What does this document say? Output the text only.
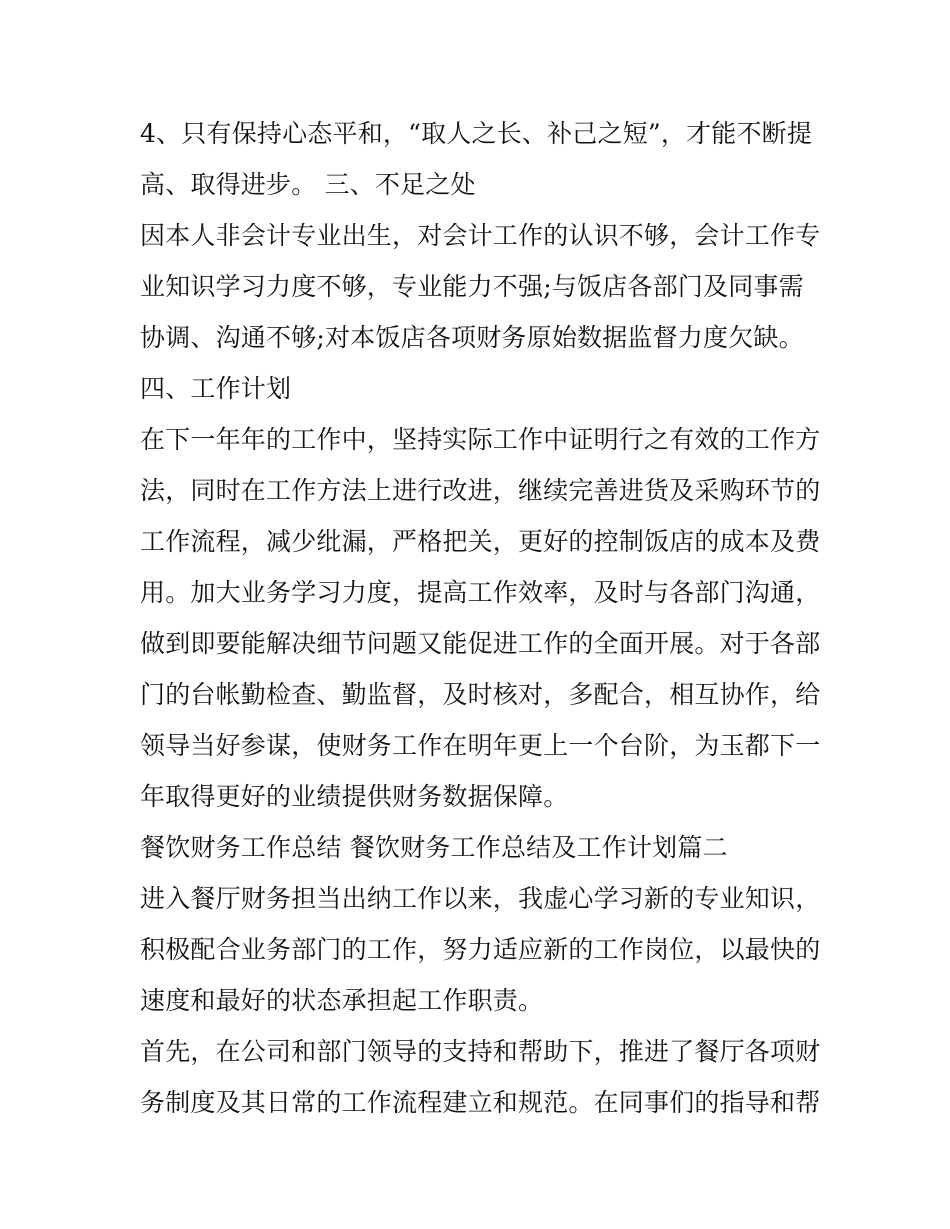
4、只有保持心态平和，“取人之长、补己之短”，才能不断提
高、取得进步。 三、不足之处

因本人非会计专业出生，对会计工作的认识不够，会计工作专
业知识学习力度不够，专业能力不强;与饭店各部门及同事需
协调、沟通不够;对本饭店各项财务原始数据监督力度欠缺。

四、工作计划

在下一年年的工作中，坚持实际工作中证明行之有效的工作方
法，同时在工作方法上进行改进，继续完善进货及采购环节的
工作流程，减少纰漏，严格把关，更好的控制饭店的成本及费
用。加大业务学习力度，提高工作效率，及时与各部门沟通，
做到即要能解决细节问题又能促进工作的全面开展。对于各部
门的台帐勤检查、勤监督，及时核对，多配合，相互协作，给
领导当好参谋，使财务工作在明年更上一个台阶，为玉都下一
年取得更好的业绩提供财务数据保障。

餐饮财务工作总结 餐饮财务工作总结及工作计划篇二

进入餐厅财务担当出纳工作以来，我虚心学习新的专业知识，
积极配合业务部门的工作，努力适应新的工作岗位，以最快的
速度和最好的状态承担起工作职责。

首先，在公司和部门领导的支持和帮助下，推进了餐厅各项财
务制度及其日常的工作流程建立和规范。在同事们的指导和帮
